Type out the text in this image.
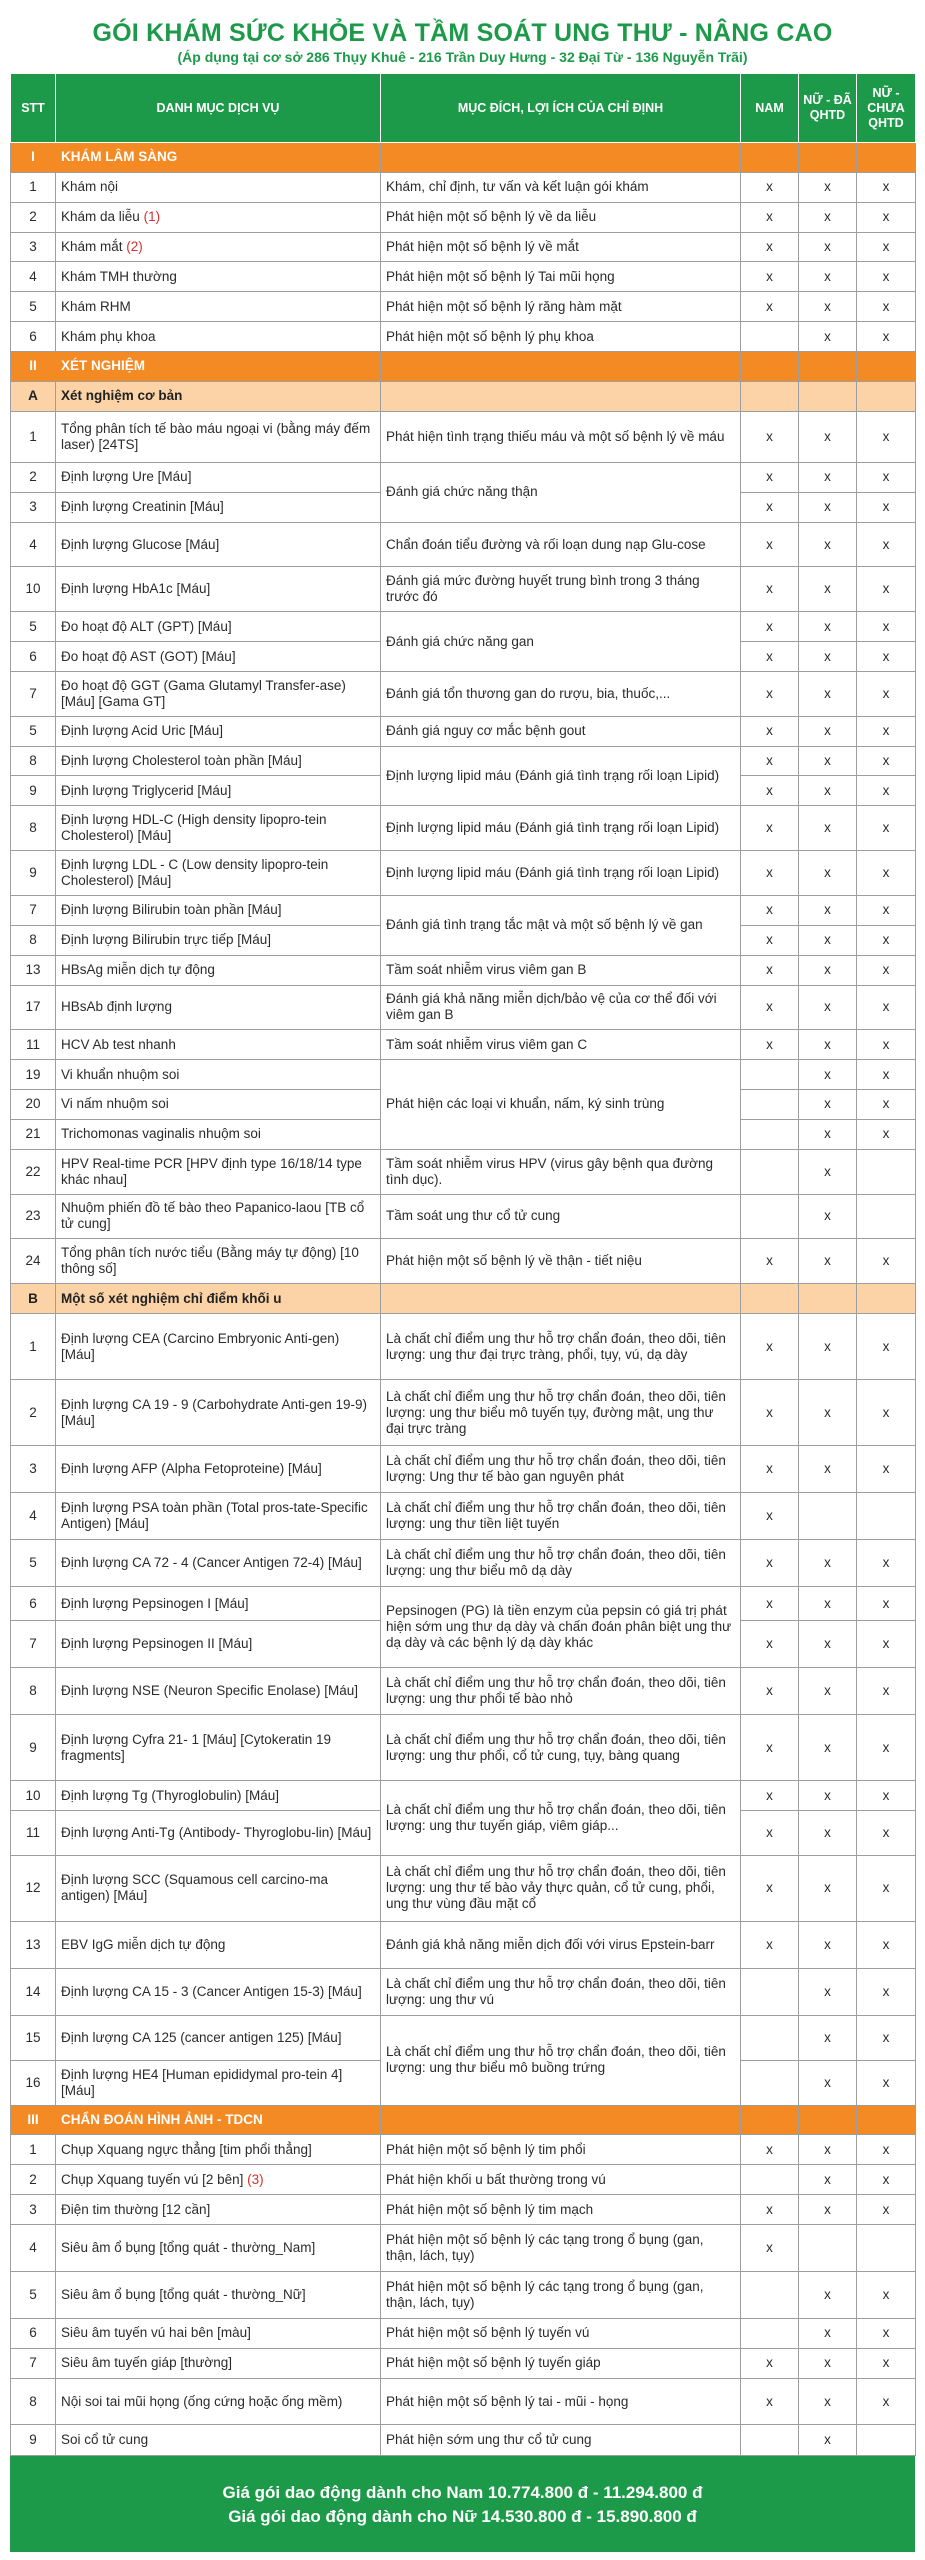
GÓI KHÁM SỨC KHỎE VÀ TẦM SOÁT UNG THƯ - NÂNG CAO
(Áp dụng tại cơ sở 286 Thụy Khuê - 216 Trần Duy Hưng - 32 Đại Từ - 136 Nguyễn Trãi)
STT	DANH MỤC DỊCH VỤ	MỤC ĐÍCH, LỢI ÍCH CỦA CHỈ ĐỊNH	NAM	NỮ - ĐÃ QHTD	NỮ - CHƯA QHTD
I	KHÁM LÂM SÀNG				
1	Khám nội	Khám, chỉ định, tư vấn và kết luận gói khám	x	x	x
2	Khám da liễu (1)	Phát hiện một số bệnh lý về da liễu	x	x	x
3	Khám mắt (2)	Phát hiện một số bệnh lý về mắt	x	x	x
4	Khám TMH thường	Phát hiện một số bệnh lý Tai mũi họng	x	x	x
5	Khám RHM	Phát hiện một số bệnh lý răng hàm mặt	x	x	x
6	Khám phụ khoa	Phát hiện một số bệnh lý phụ khoa		x	x
II	XÉT NGHIỆM				
A	Xét nghiệm cơ bản				
1	Tổng phân tích tế bào máu ngoại vi (bằng máy đếm laser) [24TS]	Phát hiện tình trạng thiếu máu và một số bệnh lý về máu	x	x	x
2	Định lượng Ure [Máu]	Đánh giá chức năng thận	x	x	x
3	Định lượng Creatinin [Máu]		x	x	x
4	Định lượng Glucose [Máu]	Chẩn đoán tiểu đường và rối loạn dung nạp Glu-cose	x	x	x
10	Định lượng HbA1c [Máu]	Đánh giá mức đường huyết trung bình trong 3 tháng trước đó	x	x	x
5	Đo hoạt độ ALT (GPT) [Máu]	Đánh giá chức năng gan	x	x	x
6	Đo hoạt độ AST (GOT) [Máu]		x	x	x
7	Đo hoạt độ GGT (Gama Glutamyl Transfer-ase) [Máu] [Gama GT]	Đánh giá tổn thương gan do rượu, bia, thuốc,...	x	x	x
5	Định lượng Acid Uric [Máu]	Đánh giá nguy cơ mắc bệnh gout	x	x	x
8	Định lượng Cholesterol toàn phần [Máu]	Định lượng lipid máu (Đánh giá tình trạng rối loạn Lipid)	x	x	x
9	Định lượng Triglycerid [Máu]		x	x	x
8	Định lượng HDL-C (High density lipopro-tein Cholesterol) [Máu]	Định lượng lipid máu (Đánh giá tình trạng rối loạn Lipid)	x	x	x
9	Định lượng LDL - C (Low density lipopro-tein Cholesterol) [Máu]	Định lượng lipid máu (Đánh giá tình trạng rối loạn Lipid)	x	x	x
7	Định lượng Bilirubin toàn phần [Máu]	Đánh giá tình trạng tắc mật và một số bệnh lý về gan	x	x	x
8	Định lượng Bilirubin trực tiếp [Máu]		x	x	x
13	HBsAg miễn dịch tự động	Tầm soát nhiễm virus viêm gan B	x	x	x
17	HBsAb định lượng	Đánh giá khả năng miễn dịch/bảo vệ của cơ thể đối với viêm gan B	x	x	x
11	HCV Ab test nhanh	Tầm soát nhiễm virus viêm gan C	x	x	x
19	Vi khuẩn nhuộm soi	Phát hiện các loại vi khuẩn, nấm, ký sinh trùng		x	x
20	Vi nấm nhuộm soi			x	x
21	Trichomonas vaginalis nhuộm soi			x	x
22	HPV Real-time PCR [HPV định type 16/18/14 type khác nhau]	Tầm soát nhiễm virus HPV (virus gây bệnh qua đường tình dục).		x	
23	Nhuộm phiến đồ tế bào theo Papanico-laou [TB cổ tử cung]	Tầm soát ung thư cổ tử cung		x	
24	Tổng phân tích nước tiểu (Bằng máy tự động) [10 thông số]	Phát hiện một số bệnh lý về thận - tiết niệu	x	x	x
B	Một số xét nghiệm chỉ điểm khối u				
1	Định lượng CEA (Carcino Embryonic Anti-gen) [Máu]	Là chất chỉ điểm ung thư hỗ trợ chẩn đoán, theo dõi, tiên lượng: ung thư đại trực tràng, phổi, tụy, vú, dạ dày	x	x	x
2	Định lượng CA 19 - 9 (Carbohydrate Anti-gen 19-9) [Máu]	Là chất chỉ điểm ung thư hỗ trợ chẩn đoán, theo dõi, tiên lượng: ung thư biểu mô tuyến tụy, đường mật, ung thư đại trực tràng	x	x	x
3	Định lượng AFP (Alpha Fetoproteine) [Máu]	Là chất chỉ điểm ung thư hỗ trợ chẩn đoán, theo dõi, tiên lượng: Ung thư tế bào gan nguyên phát	x	x	x
4	Định lượng PSA toàn phần (Total pros-tate-Specific Antigen) [Máu]	Là chất chỉ điểm ung thư hỗ trợ chẩn đoán, theo dõi, tiên lượng: ung thư tiền liệt tuyến	x		
5	Định lượng CA 72 - 4 (Cancer Antigen 72-4) [Máu]	Là chất chỉ điểm ung thư hỗ trợ chẩn đoán, theo dõi, tiên lượng: ung thư biểu mô dạ dày	x	x	x
6	Định lượng Pepsinogen I [Máu]	Pepsinogen (PG) là tiền enzym của pepsin có giá trị phát hiện sớm ung thư dạ dày và chấn đoán phân biệt ung thư dạ dày và các bệnh lý dạ dày khác	x	x	x
7	Định lượng Pepsinogen II [Máu]		x	x	x
8	Định lượng NSE (Neuron Specific Enolase) [Máu]	Là chất chỉ điểm ung thư hỗ trợ chẩn đoán, theo dõi, tiên lượng: ung thư phổi tế bào nhỏ	x	x	x
9	Định lượng Cyfra 21- 1 [Máu] [Cytokeratin 19 fragments]	Là chất chỉ điểm ung thư hỗ trợ chẩn đoán, theo dõi, tiên lượng: ung thư phổi, cổ tử cung, tụy, bàng quang	x	x	x
10	Định lượng Tg (Thyroglobulin) [Máu]	Là chất chỉ điểm ung thư hỗ trợ chẩn đoán, theo dõi, tiên lượng: ung thư tuyến giáp, viêm giáp...	x	x	x
11	Định lượng Anti-Tg (Antibody- Thyroglobu-lin) [Máu]		x	x	x
12	Định lượng SCC (Squamous cell carcino-ma antigen) [Máu]	Là chất chỉ điểm ung thư hỗ trợ chẩn đoán, theo dõi, tiên lượng: ung thư tế bào vảy thực quản, cổ tử cung, phổi, ung thư vùng đầu mặt cổ	x	x	x
13	EBV IgG miễn dịch tự động	Đánh giá khả năng miễn dịch đối với virus Epstein-barr	x	x	x
14	Định lượng CA 15 - 3 (Cancer Antigen 15-3) [Máu]	Là chất chỉ điểm ung thư hỗ trợ chẩn đoán, theo dõi, tiên lượng: ung thư vú		x	x
15	Định lượng CA 125 (cancer antigen 125) [Máu]	Là chất chỉ điểm ung thư hỗ trợ chẩn đoán, theo dõi, tiên lượng: ung thư biểu mô buồng trứng		x	x
16	Định lượng HE4 [Human epididymal pro-tein 4] [Máu]			x	x
III	CHẨN ĐOÁN HÌNH ẢNH - TDCN				
1	Chụp Xquang ngực thẳng [tim phổi thẳng]	Phát hiện một số bệnh lý tim phổi	x	x	x
2	Chụp Xquang tuyến vú [2 bên] (3)	Phát hiện khối u bất thường trong vú		x	x
3	Điện tim thường [12 cần]	Phát hiện một số bệnh lý tim mạch	x	x	x
4	Siêu âm ổ bụng [tổng quát - thường_Nam]	Phát hiện một số bệnh lý các tạng trong ổ bụng (gan, thận, lách, tụy)	x		
5	Siêu âm ổ bụng [tổng quát - thường_Nữ]	Phát hiện một số bệnh lý các tạng trong ổ bụng (gan, thận, lách, tụy)		x	x
6	Siêu âm tuyến vú hai bên [màu]	Phát hiện một số bệnh lý tuyến vú		x	x
7	Siêu âm tuyến giáp [thường]	Phát hiện một số bệnh lý tuyến giáp	x	x	x
8	Nội soi tai mũi họng (ống cứng hoặc ống mềm)	Phát hiện một số bệnh lý tai - mũi - họng	x	x	x
9	Soi cổ tử cung	Phát hiện sớm ung thư cổ tử cung		x	
Giá gói dao động dành cho Nam 10.774.800 đ - 11.294.800 đ
Giá gói dao động dành cho Nữ 14.530.800 đ - 15.890.800 đ
